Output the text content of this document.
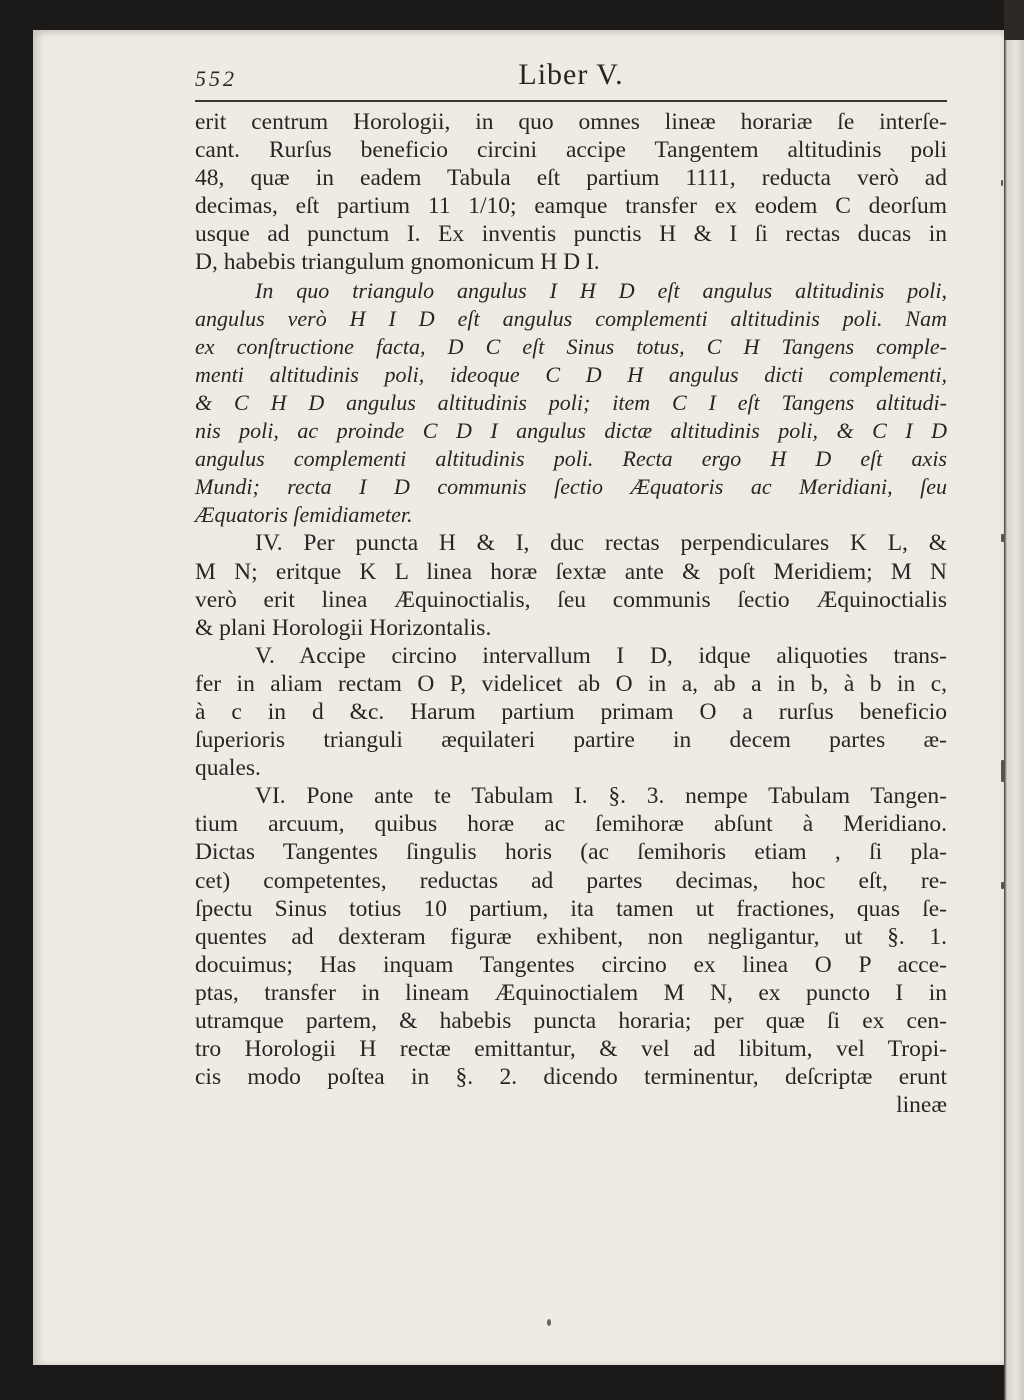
552	Liber V.
erit centrum Horologii, in quo omnes lineæ horariæ ſe interſe-
cant. Rurſus beneficio circini accipe Tangentem altitudinis poli
48, quæ in eadem Tabula eſt partium 1111, reducta verò ad
decimas, eſt partium 11 1/10; eamque transfer ex eodem C deorſum
usque ad punctum I. Ex inventis punctis H & I ſi rectas ducas in
D, habebis triangulum gnomonicum H D I.
In quo triangulo angulus I H D eſt angulus altitudinis poli,
angulus verò H I D eſt angulus complementi altitudinis poli. Nam
ex conſtructione facta, D C eſt Sinus totus, C H Tangens comple-
menti altitudinis poli, ideoque C D H angulus dicti complementi,
& C H D angulus altitudinis poli; item C I eſt Tangens altitudi-
nis poli, ac proinde C D I angulus dictæ altitudinis poli, & C I D
angulus complementi altitudinis poli. Recta ergo H D eſt axis
Mundi; recta I D communis ſectio Æquatoris ac Meridiani, ſeu
Æquatoris ſemidiameter.
IV. Per puncta H & I, duc rectas perpendiculares K L, &
M N; eritque K L linea horæ ſextæ ante & poſt Meridiem; M N
verò erit linea Æquinoctialis, ſeu communis ſectio Æquinoctialis
& plani Horologii Horizontalis.
V. Accipe circino intervallum I D, idque aliquoties trans-
fer in aliam rectam O P, videlicet ab O in a, ab a in b, à b in c,
à c in d &c. Harum partium primam O a rurſus beneficio
ſuperioris trianguli æquilateri partire in decem partes æ-
quales.
VI. Pone ante te Tabulam I. §. 3. nempe Tabulam Tangen-
tium arcuum, quibus horæ ac ſemihoræ abſunt à Meridiano.
Dictas Tangentes ſingulis horis (ac ſemihoris etiam , ſi pla-
cet) competentes, reductas ad partes decimas, hoc eſt, re-
ſpectu Sinus totius 10 partium, ita tamen ut fractiones, quas ſe-
quentes ad dexteram figuræ exhibent, non negligantur, ut §. 1.
docuimus; Has inquam Tangentes circino ex linea O P acce-
ptas, transfer in lineam Æquinoctialem M N, ex puncto I in
utramque partem, & habebis puncta horaria; per quæ ſi ex cen-
tro Horologii H rectæ emittantur, & vel ad libitum, vel Tropi-
cis modo poſtea in §. 2. dicendo terminentur, deſcriptæ erunt
lineæ
